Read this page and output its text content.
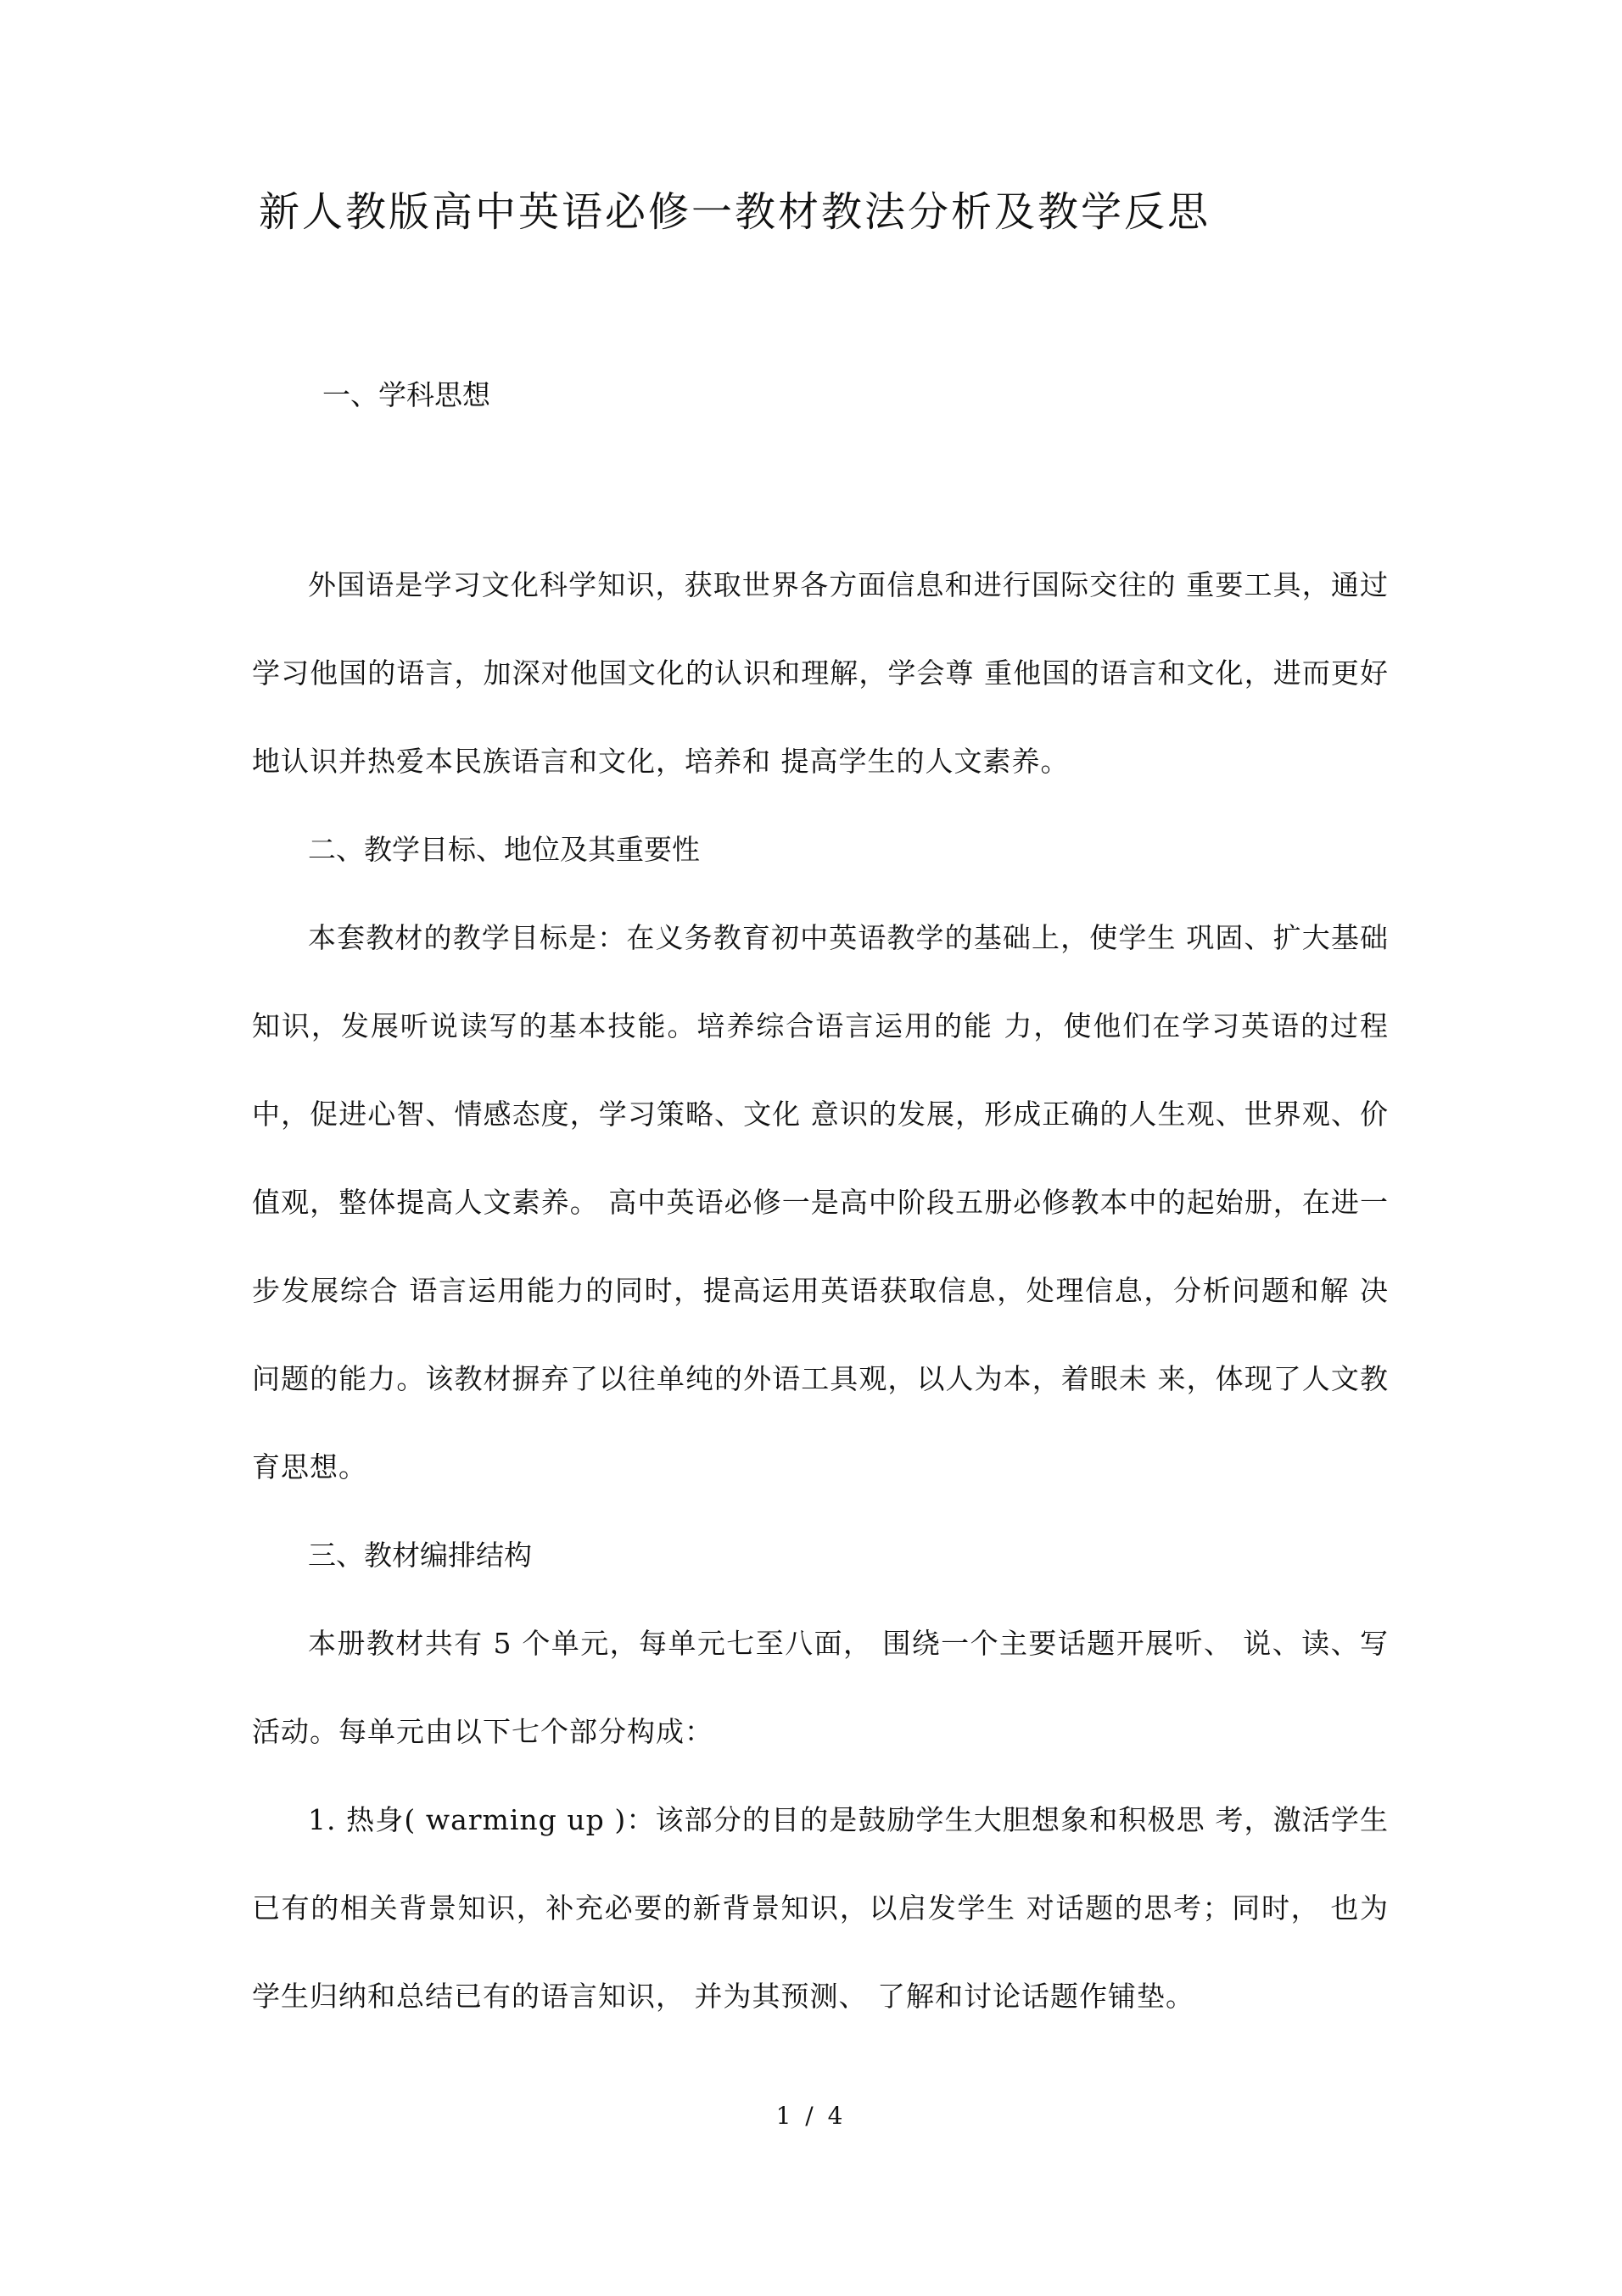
新人教版高中英语必修一教材教法分析及教学反思

一、学科思想

外国语是学习文化科学知识，获取世界各方面信息和进行国际交往的 重要工具，通过学习他国的语言，加深对他国文化的认识和理解，学会尊 重他国的语言和文化，进而更好地认识并热爱本民族语言和文化，培养和 提高学生的人文素养。

二、教学目标、地位及其重要性

本套教材的教学目标是：在义务教育初中英语教学的基础上，使学生 巩固、扩大基础知识，发展听说读写的基本技能。培养综合语言运用的能 力，使他们在学习英语的过程中，促进心智、情感态度，学习策略、文化 意识的发展，形成正确的人生观、世界观、价值观，整体提高人文素养。 高中英语必修一是高中阶段五册必修教本中的起始册，在进一步发展综合 语言运用能力的同时，提高运用英语获取信息，处理信息，分析问题和解 决问题的能力。该教材摒弃了以往单纯的外语工具观，以人为本，着眼未 来，体现了人文教育思想。

三、教材编排结构

本册教材共有 5 个单元，每单元七至八面， 围绕一个主要话题开展听、 说、读、写活动。每单元由以下七个部分构成：

1. 热身( warming up )：该部分的目的是鼓励学生大胆想象和积极思 考，激活学生已有的相关背景知识，补充必要的新背景知识，以启发学生 对话题的思考；同时， 也为学生归纳和总结已有的语言知识， 并为其预测、 了解和讨论话题作铺垫。

1 / 4
